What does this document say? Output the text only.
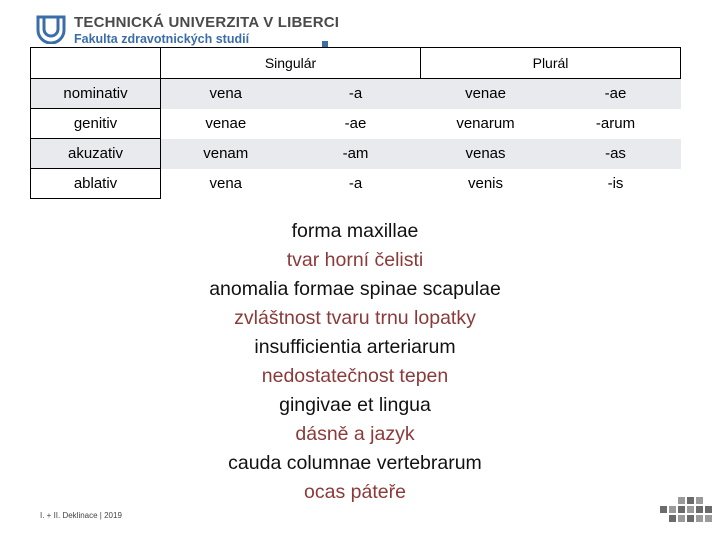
TECHNICKÁ UNIVERZITA V LIBERCI
Fakulta zdravotnických studií
	Singulár		Plurál	
nominativ	vena	-a	venae	-ae
genitiv	venae	-ae	venarum	-arum
akuzativ	venam	-am	venas	-as
ablativ	vena	-a	venis	-is
forma maxillae
tvar horní čelisti
anomalia formae spinae scapulae
zvláštnost tvaru trnu lopatky
insufficientia arteriarum
nedostatečnost tepen
gingivae et lingua
dásně a jazyk
cauda columnae vertebrarum
ocas páteře
I. + II. Deklinace | 2019
